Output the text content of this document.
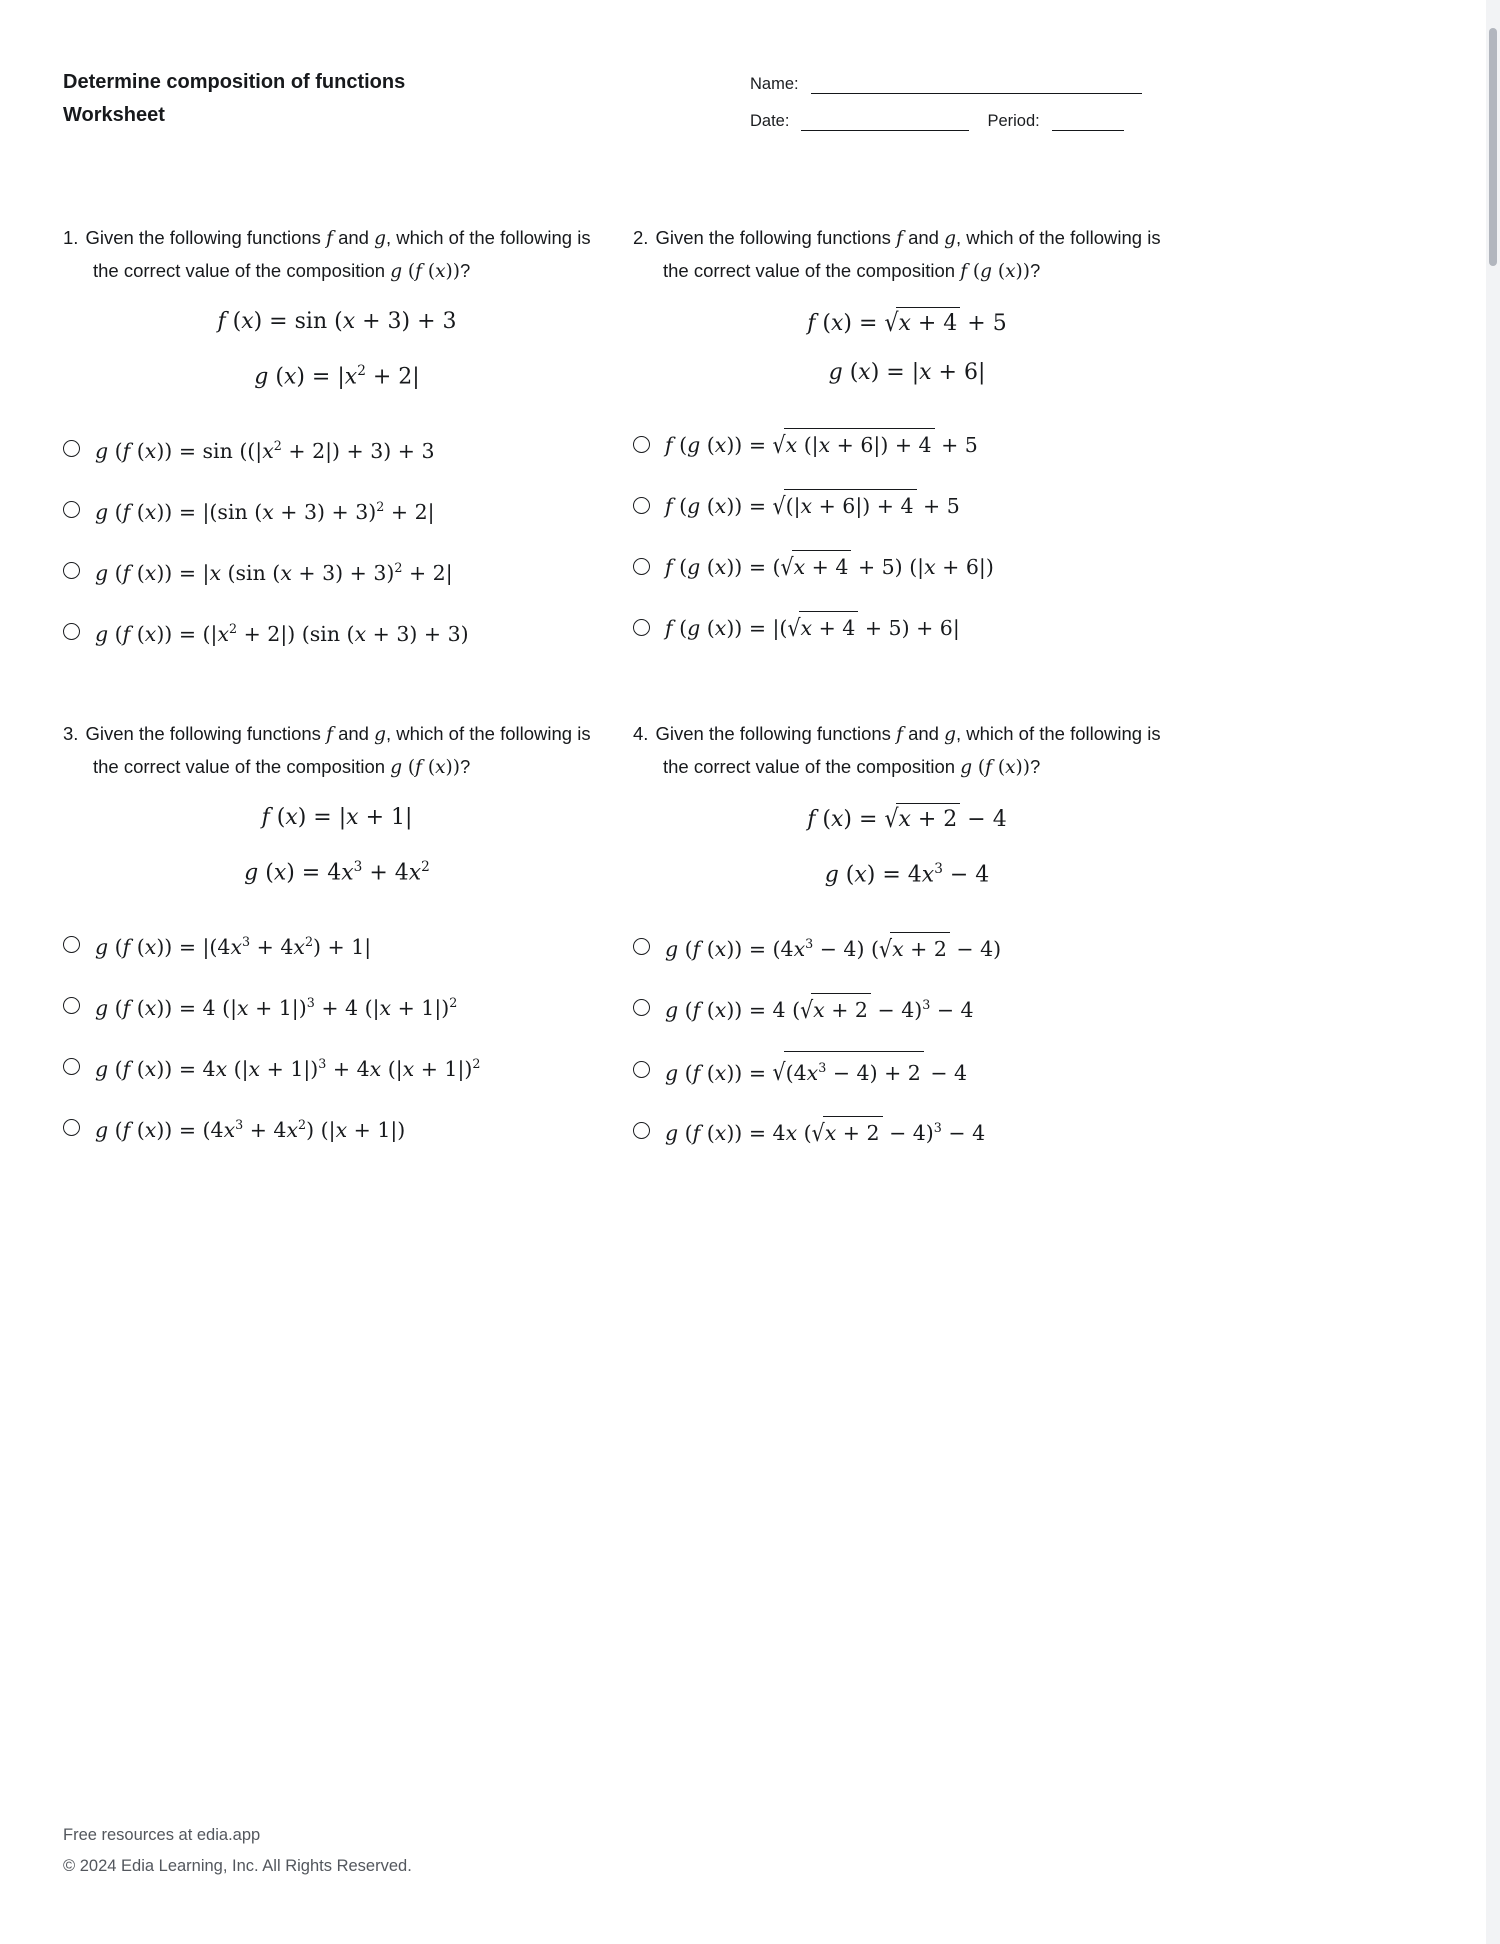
Determine composition of functions
Worksheet
Name:
Date:	Period:
1. Given the following functions f and g, which of the following is the correct value of the composition g (f (x))?
f (x) = sin (x + 3) + 3
g $(x) = |x^2 + 2|$
g (f $(x)) = \sin ((|x^2 + 2|) + 3) + 3$
g (f (x)) = |(sin (x + 3) + 3)$^2$ + 2|
g (f (x)) = |x (sin (x + 3) + 3)$^2$ + 2|
g (f $(x)) = (|x^2 + 2|)$ (sin (x + 3) + 3)
2. Given the following functions f and g, which of the following is the correct value of the composition f (g (x))?
f (x) = √ x + 4 + 5
g (x) = |x + 6|
f (g (x)) = √ x (|x + 6|) + 4 + 5
f (g (x)) = √ (|x + 6|) + 4 + 5
f (g (x)) = ( √ x + 4 + 5) (|x + 6|)
f (g (x)) = |( √ x + 4 + 5) + 6|
3. Given the following functions f and g, which of the following is the correct value of the composition g (f (x))?
f (x) = |x + 1|
g $(x) = 4x^3 + 4x^2$
g (f $(x)) = |(4x^3 + 4x^2) + 1|$
g (f (x)) = 4 $(|x + 1|)^3 + 4$ $(|x + 1|)^2$
g (f (x)) = 4x $(|x + 1|)^3 + 4x$ $(|x + 1|)^2$
g (f $(x)) = (4x^3 + 4x^2) (|x + 1|)$
4. Given the following functions f and g, which of the following is the correct value of the composition g (f (x))?
f (x) = √ x + 2 − 4
g $(x) = 4x^3 - 4$
g (f $(x)) = (4x^3 - 4)$ ( √ x + 2 − 4)
g (f (x)) = 4 ( √ x + 2 − 4)$^3$ − 4
g (f (x)) = √ $(4x^3 - 4) + 2 - 4$
g (f (x)) = 4x ( √ x + 2 − 4)$^3$ − 4
Free resources at edia.app
© 2024 Edia Learning, Inc. All Rights Reserved.
